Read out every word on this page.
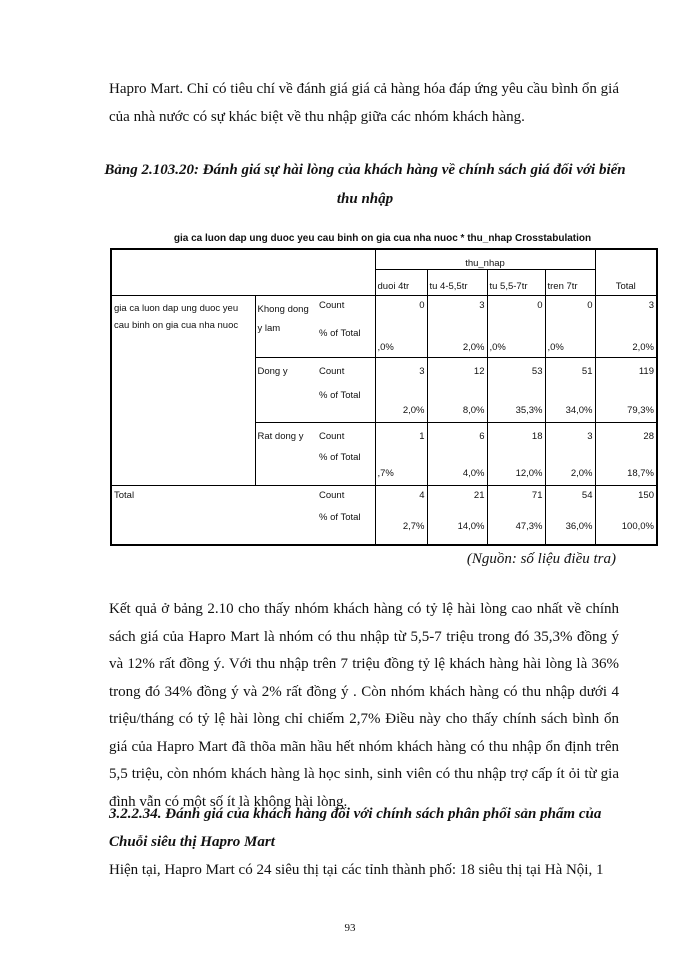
Hapro Mart. Chỉ có tiêu chí về đánh giá giá cả hàng hóa đáp ứng yêu cầu bình ổn giá của nhà nước có sự khác biệt về thu nhập giữa các nhóm khách hàng.

Bảng 2.103.20: Đánh giá sự hài lòng của khách hàng về chính sách giá đối với biến thu nhập

gia ca luon dap ung duoc yeu cau binh on gia cua nha nuoc * thu_nhap Crosstabulation
			thu_nhap				Total
			duoi 4tr	tu 4-5,5tr	tu 5,5-7tr	tren 7tr	
gia ca luon dap ung duoc yeu cau binh on gia cua nha nuoc	Khong dong y lam	Count	0	3	0	0	3
		% of Total	,0%	2,0%	,0%	,0%	2,0%
	Dong y	Count	3	12	53	51	119
		% of Total	2,0%	8,0%	35,3%	34,0%	79,3%
	Rat dong y	Count	1	6	18	3	28
		% of Total	,7%	4,0%	12,0%	2,0%	18,7%
Total		Count	4	21	71	54	150
		% of Total	2,7%	14,0%	47,3%	36,0%	100,0%
(Nguồn: số liệu điều tra)

Kết quả ở bảng 2.10 cho thấy nhóm khách hàng có tỷ lệ hài lòng cao nhất về chính sách giá của Hapro Mart là nhóm có thu nhập từ 5,5-7 triệu trong đó 35,3% đồng ý và 12% rất đồng ý. Với thu nhập trên 7 triệu đồng tỷ lệ khách hàng hài lòng là 36% trong đó 34% đồng ý và 2% rất đồng ý . Còn nhóm khách hàng có thu nhập dưới 4 triệu/tháng có tỷ lệ hài lòng chỉ chiếm 2,7% Điều này cho thấy chính sách bình ổn giá của Hapro Mart đã thõa mãn hầu hết nhóm khách hàng có thu nhập ổn định trên 5,5 triệu, còn nhóm khách hàng là học sinh, sinh viên có thu nhập trợ cấp ít ỏi từ gia đình vẫn có một số ít là không hài lòng.

3.2.2.34. Đánh giá của khách hàng đối với chính sách phân phối sản phẩm của Chuỗi siêu thị Hapro Mart

Hiện tại, Hapro Mart có 24 siêu thị tại các tỉnh thành phố: 18 siêu thị tại Hà Nội, 1

93
